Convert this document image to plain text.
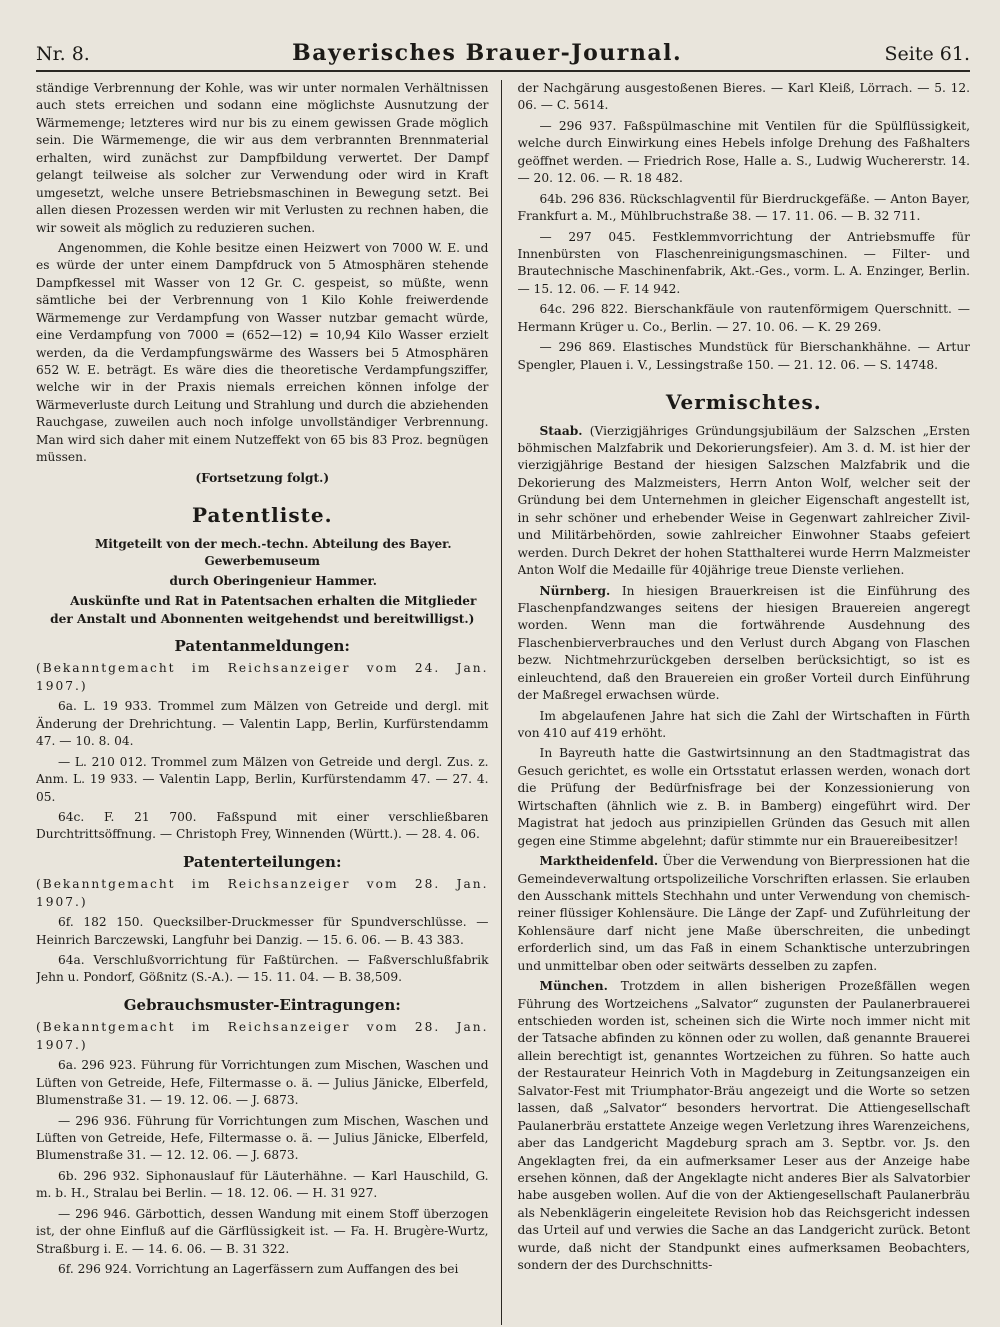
Nr. 8.	Bayerisches Brauer-Journal.	Seite 61.

ständige Verbrennung der Kohle, was wir unter normalen Verhältnissen auch stets erreichen und sodann eine möglichste Ausnutzung der Wärmemenge; letzteres wird nur bis zu einem gewissen Grade möglich sein. Die Wärmemenge, die wir aus dem verbrannten Brennmaterial erhalten, wird zunächst zur Dampfbildung verwertet. Der Dampf gelangt teilweise als solcher zur Verwendung oder wird in Kraft umgesetzt, welche unsere Betriebsmaschinen in Bewegung setzt. Bei allen diesen Prozessen werden wir mit Verlusten zu rechnen haben, die wir soweit als möglich zu reduzieren suchen.

Angenommen, die Kohle besitze einen Heizwert von 7000 W. E. und es würde der unter einem Dampfdruck von 5 Atmosphären stehende Dampfkessel mit Wasser von 12 Gr. C. gespeist, so müßte, wenn sämtliche bei der Verbrennung von 1 Kilo Kohle freiwerdende Wärmemenge zur Verdampfung von Wasser nutzbar gemacht würde, eine Verdampfung von 7000 = (652—12) = 10,94 Kilo Wasser erzielt werden, da die Verdampfungswärme des Wassers bei 5 Atmosphären 652 W. E. beträgt. Es wäre dies die theoretische Verdampfungsziffer, welche wir in der Praxis niemals erreichen können infolge der Wärmeverluste durch Leitung und Strahlung und durch die abziehenden Rauchgase, zuweilen auch noch infolge unvollständiger Verbrennung. Man wird sich daher mit einem Nutzeffekt von 65 bis 83 Proz. begnügen müssen.

(Fortsetzung folgt.)

Patentliste.

Mitgeteilt von der mech.-techn. Abteilung des Bayer. Gewerbemuseum

durch Oberingenieur Hammer.

Auskünfte und Rat in Patentsachen erhalten die Mitglieder der Anstalt und Abonnenten weitgehendst und bereitwilligst.)

Patentanmeldungen:

(Bekanntgemacht im Reichsanzeiger vom 24. Jan. 1907.)

6a. L. 19 933. Trommel zum Mälzen von Getreide und dergl. mit Änderung der Drehrichtung. — Valentin Lapp, Berlin, Kurfürstendamm 47. — 10. 8. 04.

— L. 210 012. Trommel zum Mälzen von Getreide und dergl. Zus. z. Anm. L. 19 933. — Valentin Lapp, Berlin, Kurfürstendamm 47. — 27. 4. 05.

64c. F. 21 700. Faßspund mit einer verschließbaren Durchtrittsöffnung. — Christoph Frey, Winnenden (Württ.). — 28. 4. 06.

Patenterteilungen:

(Bekanntgemacht im Reichsanzeiger vom 28. Jan. 1907.)

6f. 182 150. Quecksilber-Druckmesser für Spundverschlüsse. — Heinrich Barczewski, Langfuhr bei Danzig. — 15. 6. 06. — B. 43 383.

64a. Verschlußvorrichtung für Faßtürchen. — Faßverschlußfabrik Jehn u. Pondorf, Gößnitz (S.-A.). — 15. 11. 04. — B. 38,509.

Gebrauchsmuster-Eintragungen:

(Bekanntgemacht im Reichsanzeiger vom 28. Jan. 1907.)

6a. 296 923. Führung für Vorrichtungen zum Mischen, Waschen und Lüften von Getreide, Hefe, Filtermasse o. ä. — Julius Jänicke, Elberfeld, Blumenstraße 31. — 19. 12. 06. — J. 6873.

— 296 936. Führung für Vorrichtungen zum Mischen, Waschen und Lüften von Getreide, Hefe, Filtermasse o. ä. — Julius Jänicke, Elberfeld, Blumenstraße 31. — 12. 12. 06. — J. 6873.

6b. 296 932. Siphonauslauf für Läuterhähne. — Karl Hauschild, G. m. b. H., Stralau bei Berlin. — 18. 12. 06. — H. 31 927.

— 296 946. Gärbottich, dessen Wandung mit einem Stoff überzogen ist, der ohne Einfluß auf die Gärflüssigkeit ist. — Fa. H. Brugère-Wurtz, Straßburg i. E. — 14. 6. 06. — B. 31 322.

6f. 296 924. Vorrichtung an Lagerfässern zum Auffangen des bei

der Nachgärung ausgestoßenen Bieres. — Karl Kleiß, Lörrach. — 5. 12. 06. — C. 5614.

— 296 937. Faßspülmaschine mit Ventilen für die Spülflüssigkeit, welche durch Einwirkung eines Hebels infolge Drehung des Faßhalters geöffnet werden. — Friedrich Rose, Halle a. S., Ludwig Wuchererstr. 14. — 20. 12. 06. — R. 18 482.

64b. 296 836. Rückschlagventil für Bierdruckgefäße. — Anton Bayer, Frankfurt a. M., Mühlbruchstraße 38. — 17. 11. 06. — B. 32 711.

— 297 045. Festklemmvorrichtung der Antriebsmuffe für Innenbürsten von Flaschenreinigungsmaschinen. — Filter- und Brautechnische Maschinenfabrik, Akt.-Ges., vorm. L. A. Enzinger, Berlin. — 15. 12. 06. — F. 14 942.

64c. 296 822. Bierschankfäule von rautenförmigem Querschnitt. — Hermann Krüger u. Co., Berlin. — 27. 10. 06. — K. 29 269.

— 296 869. Elastisches Mundstück für Bierschankhähne. — Artur Spengler, Plauen i. V., Lessingstraße 150. — 21. 12. 06. — S. 14748.

Vermischtes.

Staab. (Vierzigjähriges Gründungsjubiläum der Salzschen „Ersten böhmischen Malzfabrik und Dekorierungsfeier). Am 3. d. M. ist hier der vierzigjährige Bestand der hiesigen Salzschen Malzfabrik und die Dekorierung des Malzmeisters, Herrn Anton Wolf, welcher seit der Gründung bei dem Unternehmen in gleicher Eigenschaft angestellt ist, in sehr schöner und erhebender Weise in Gegenwart zahlreicher Zivil- und Militärbehörden, sowie zahlreicher Einwohner Staabs gefeiert werden. Durch Dekret der hohen Statthalterei wurde Herrn Malzmeister Anton Wolf die Medaille für 40jährige treue Dienste verliehen.

Nürnberg. In hiesigen Brauerkreisen ist die Einführung des Flaschenpfandzwanges seitens der hiesigen Brauereien angeregt worden. Wenn man die fortwährende Ausdehnung des Flaschenbierverbrauches und den Verlust durch Abgang von Flaschen bezw. Nichtmehrzurückgeben derselben berücksichtigt, so ist es einleuchtend, daß den Brauereien ein großer Vorteil durch Einführung der Maßregel erwachsen würde.

Im abgelaufenen Jahre hat sich die Zahl der Wirtschaften in Fürth von 410 auf 419 erhöht.

In Bayreuth hatte die Gastwirtsinnung an den Stadtmagistrat das Gesuch gerichtet, es wolle ein Ortsstatut erlassen werden, wonach dort die Prüfung der Bedürfnisfrage bei der Konzessionierung von Wirtschaften (ähnlich wie z. B. in Bamberg) eingeführt wird. Der Magistrat hat jedoch aus prinzipiellen Gründen das Gesuch mit allen gegen eine Stimme abgelehnt; dafür stimmte nur ein Brauereibesitzer!

Marktheidenfeld. Über die Verwendung von Bierpressionen hat die Gemeindeverwaltung ortspolizeiliche Vorschriften erlassen. Sie erlauben den Ausschank mittels Stechhahn und unter Verwendung von chemisch-reiner flüssiger Kohlensäure. Die Länge der Zapf- und Zuführleitung der Kohlensäure darf nicht jene Maße überschreiten, die unbedingt erforderlich sind, um das Faß in einem Schanktische unterzubringen und unmittelbar oben oder seitwärts desselben zu zapfen.

München. Trotzdem in allen bisherigen Prozeßfällen wegen Führung des Wortzeichens „Salvator“ zugunsten der Paulanerbrauerei entschieden worden ist, scheinen sich die Wirte noch immer nicht mit der Tatsache abfinden zu können oder zu wollen, daß genannte Brauerei allein berechtigt ist, genanntes Wortzeichen zu führen. So hatte auch der Restaurateur Heinrich Voth in Magdeburg in Zeitungsanzeigen ein Salvator-Fest mit Triumphator-Bräu angezeigt und die Worte so setzen lassen, daß „Salvator“ besonders hervortrat. Die Attiengesellschaft Paulanerbräu erstattete Anzeige wegen Verletzung ihres Warenzeichens, aber das Landgericht Magdeburg sprach am 3. Septbr. vor. Js. den Angeklagten frei, da ein aufmerksamer Leser aus der Anzeige habe ersehen können, daß der Angeklagte nicht anderes Bier als Salvatorbier habe ausgeben wollen. Auf die von der Aktiengesellschaft Paulanerbräu als Nebenklägerin eingeleitete Revision hob das Reichsgericht indessen das Urteil auf und verwies die Sache an das Landgericht zurück. Betont wurde, daß nicht der Standpunkt eines aufmerksamen Beobachters, sondern der des Durchschnitts-
